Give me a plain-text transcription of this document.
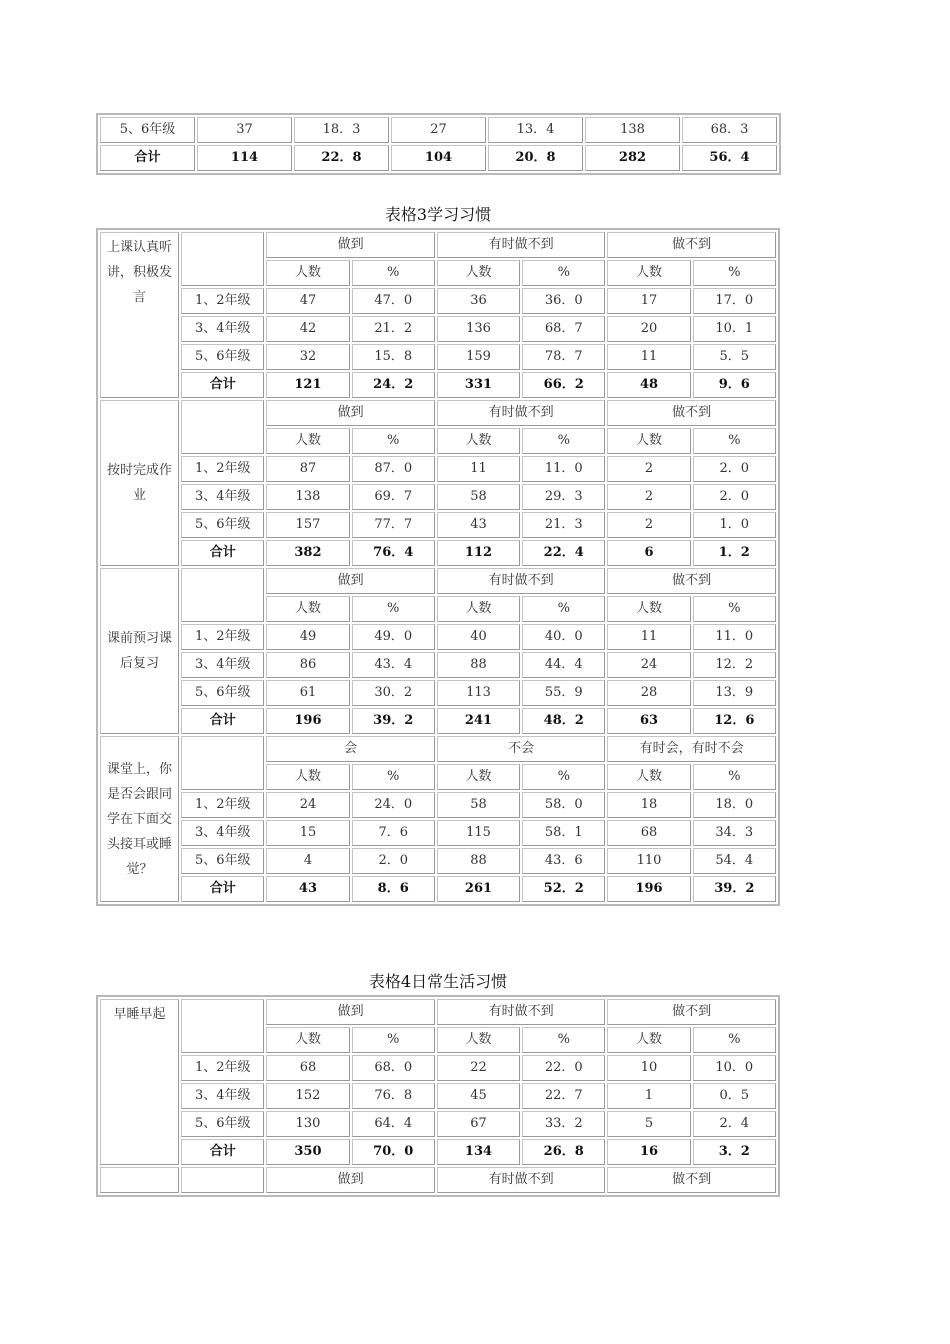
5、6年级	37	18．3	27	13．4	138	68．3
合计	114	22．8	104	20．8	282	56．4
表格3学习习惯
上课认真听讲，积极发言		做到		有时做不到		做不到	
		人数	%	人数	%	人数	%
	1、2年级	47	47．0	36	36．0	17	17．0
	3、4年级	42	21．2	136	68．7	20	10．1
	5、6年级	32	15．8	159	78．7	11	5．5
	合计	121	24．2	331	66．2	48	9．6
按时完成作业		做到		有时做不到		做不到	
		人数	%	人数	%	人数	%
	1、2年级	87	87．0	11	11．0	2	2．0
	3、4年级	138	69．7	58	29．3	2	2．0
	5、6年级	157	77．7	43	21．3	2	1．0
	合计	382	76．4	112	22．4	6	1．2
课前预习课后复习		做到		有时做不到		做不到	
		人数	%	人数	%	人数	%
	1、2年级	49	49．0	40	40．0	11	11．0
	3、4年级	86	43．4	88	44．4	24	12．2
	5、6年级	61	30．2	113	55．9	28	13．9
	合计	196	39．2	241	48．2	63	12．6
课堂上，你是否会跟同学在下面交头接耳或睡觉？		会		不会		有时会，有时不会	
		人数	%	人数	%	人数	%
	1、2年级	24	24．0	58	58．0	18	18．0
	3、4年级	15	7．6	115	58．1	68	34．3
	5、6年级	4	2．0	88	43．6	110	54．4
	合计	43	8．6	261	52．2	196	39．2
表格4日常生活习惯
早睡早起		做到		有时做不到		做不到	
		人数	%	人数	%	人数	%
	1、2年级	68	68．0	22	22．0	10	10．0
	3、4年级	152	76．8	45	22．7	1	0．5
	5、6年级	130	64．4	67	33．2	5	2．4
	合计	350	70．0	134	26．8	16	3．2
		做到		有时做不到		做不到	
